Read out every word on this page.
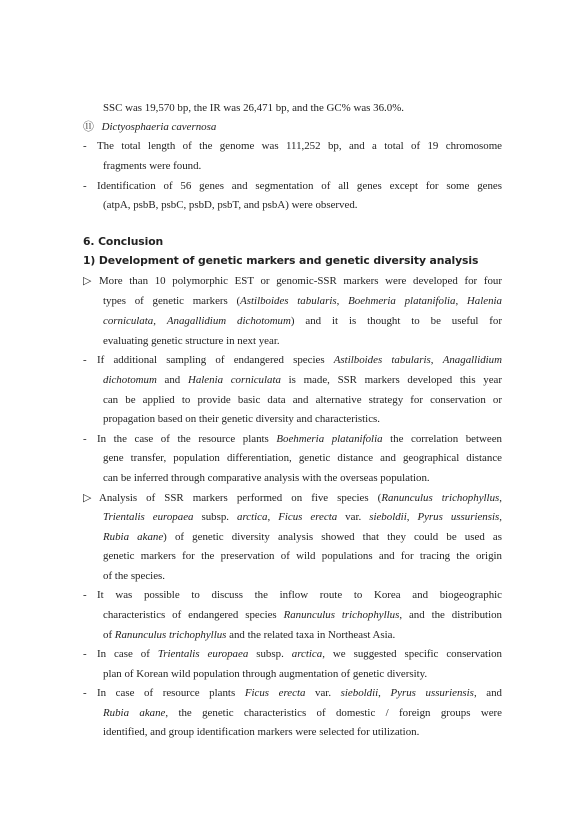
SSC was 19,570 bp, the IR was 26,471 bp, and the GC% was 36.0%.
⑪ Dictyosphaeria cavernosa
- The total length of the genome was 111,252 bp, and a total of 19 chromosome
fragments were found.
- Identification of 56 genes and segmentation of all genes except for some genes
(atpA, psbB, psbC, psbD, psbT, and psbA) were observed.
6. Conclusion
1) Development of genetic markers and genetic diversity analysis
▷ More than 10 polymorphic EST or genomic-SSR markers were developed for four
types of genetic markers (Astilboides tabularis, Boehmeria platanifolia, Halenia
corniculata, Anagallidium dichotomum) and it is thought to be useful for
evaluating genetic structure in next year.
- If additional sampling of endangered species Astilboides tabularis, Anagallidium
dichotomum and Halenia corniculata is made, SSR markers developed this year
can be applied to provide basic data and alternative strategy for conservation or
propagation based on their genetic diversity and characteristics.
- In the case of the resource plants Boehmeria platanifolia the correlation between
gene transfer, population differentiation, genetic distance and geographical distance
can be inferred through comparative analysis with the overseas population.
▷ Analysis of SSR markers performed on five species (Ranunculus trichophyllus,
Trientalis europaea subsp. arctica, Ficus erecta var. sieboldii, Pyrus ussuriensis,
Rubia akane) of genetic diversity analysis showed that they could be used as
genetic markers for the preservation of wild populations and for tracing the origin
of the species.
- It was possible to discuss the inflow route to Korea and biogeographic
characteristics of endangered species Ranunculus trichophyllus, and the distribution
of Ranunculus trichophyllus and the related taxa in Northeast Asia.
- In case of Trientalis europaea subsp. arctica, we suggested specific conservation
plan of Korean wild population through augmentation of genetic diversity.
- In case of resource plants Ficus erecta var. sieboldii, Pyrus ussuriensis, and
Rubia akane, the genetic characteristics of domestic / foreign groups were
identified, and group identification markers were selected for utilization.
